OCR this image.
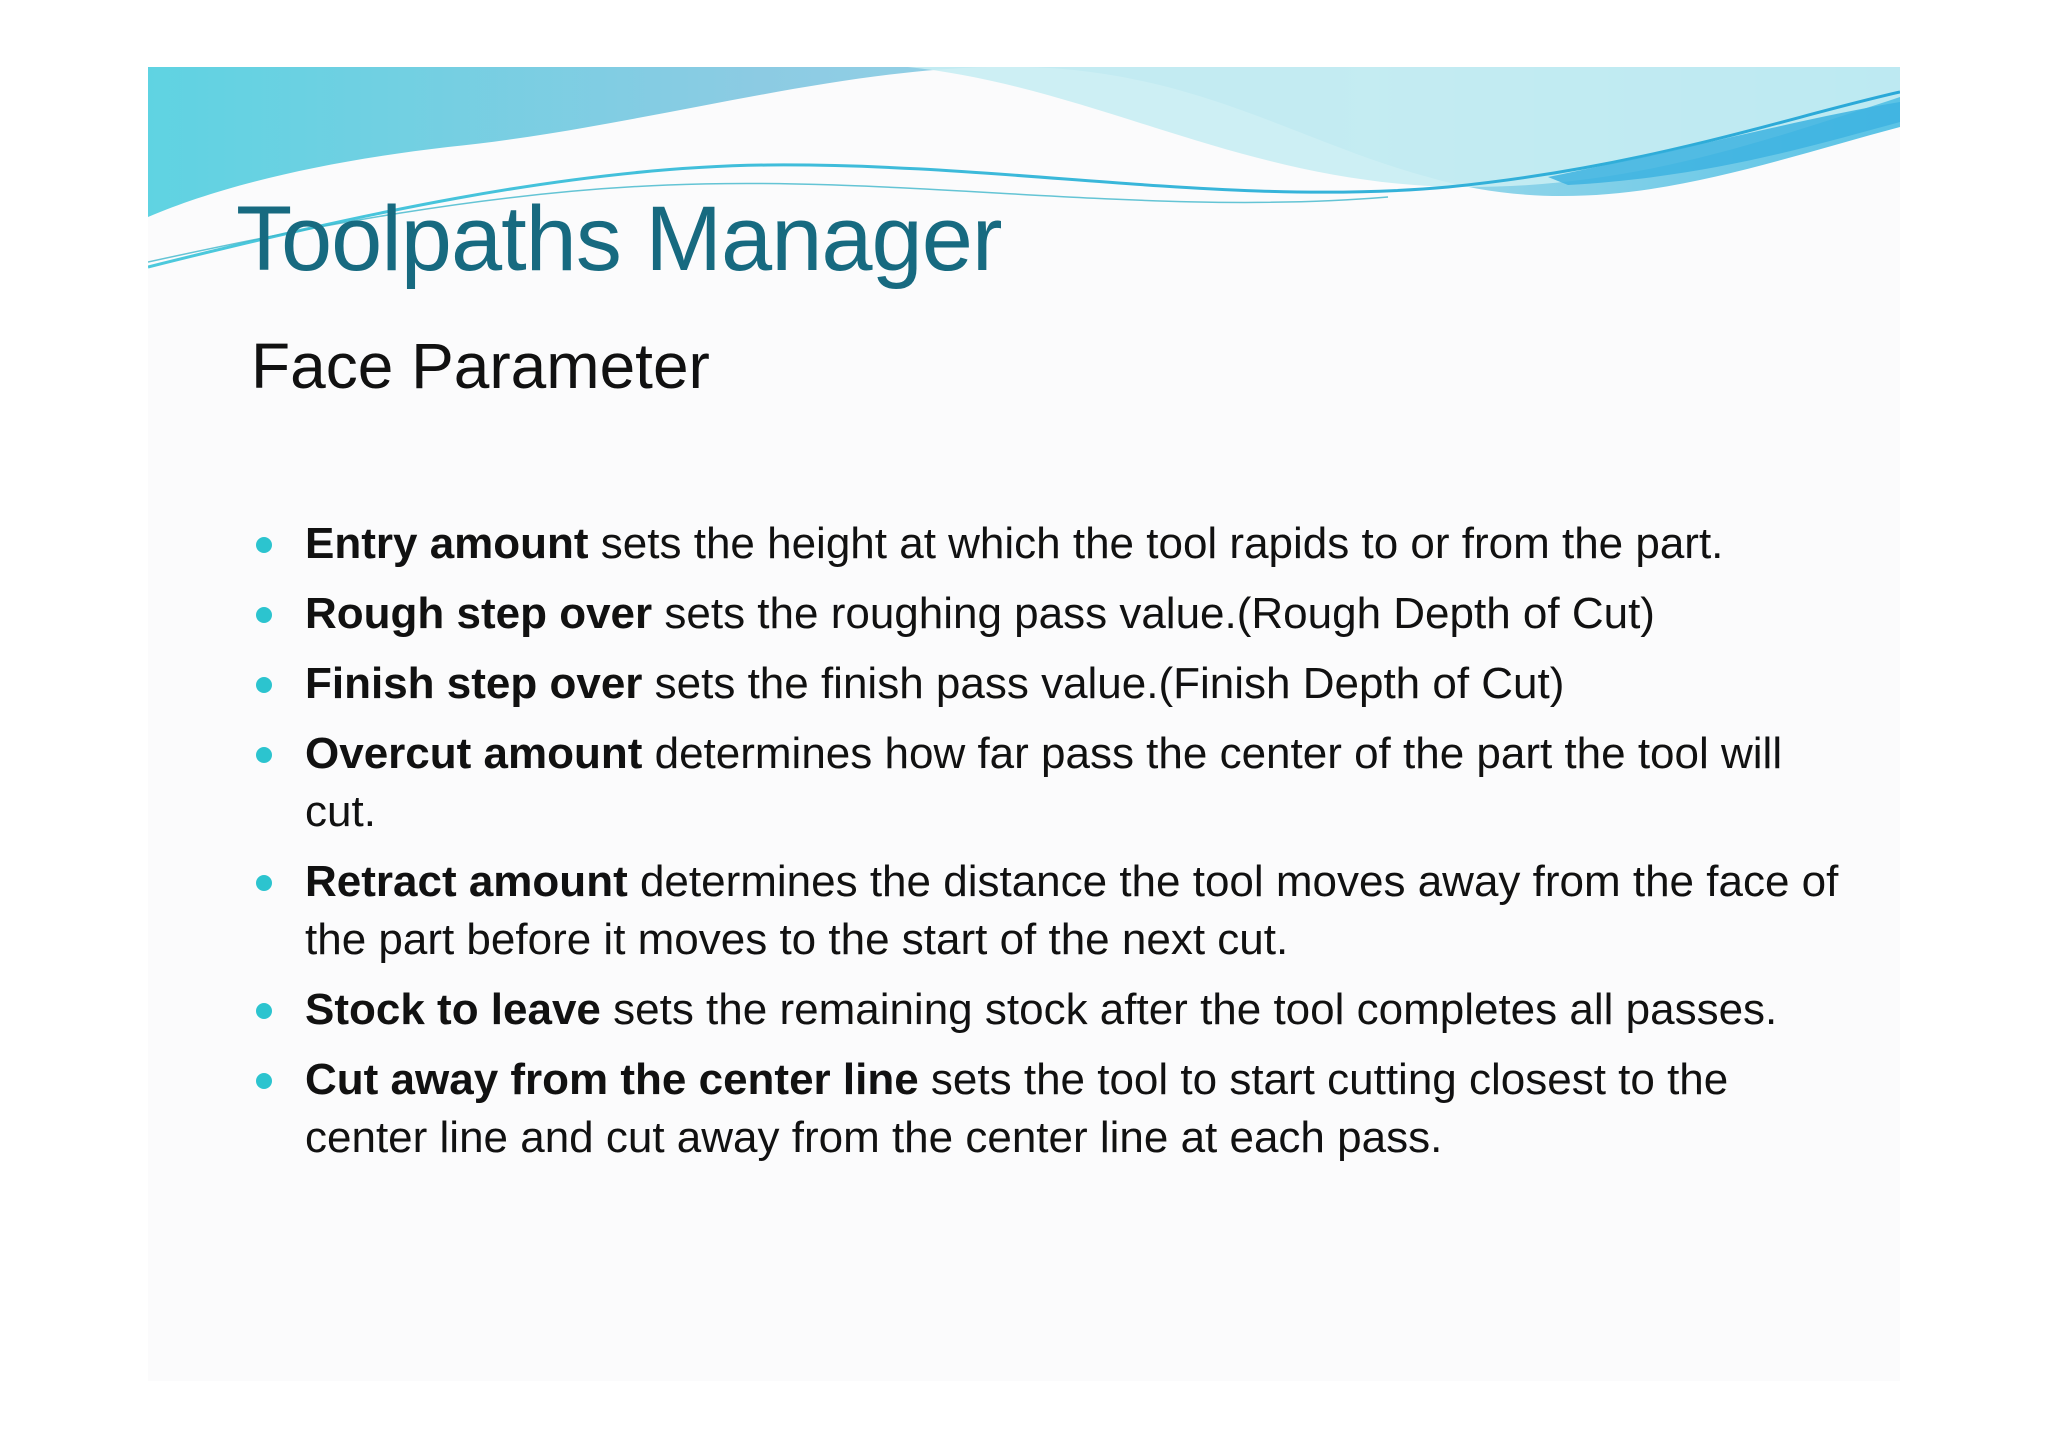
Toolpaths Manager
Face Parameter
Entry amount sets the height at which the tool rapids to or from the part.
Rough step over sets the roughing pass value.(Rough Depth of Cut)
Finish step over sets the finish pass value.(Finish Depth of Cut)
Overcut amount determines how far pass the center of the part the tool will cut.
Retract amount determines the distance the tool moves away from the face of the part before it moves to the start of the next cut.
Stock to leave sets the remaining stock after the tool completes all passes.
Cut away from the center line sets the tool to start cutting closest to the center line and cut away from the center line at each pass.
